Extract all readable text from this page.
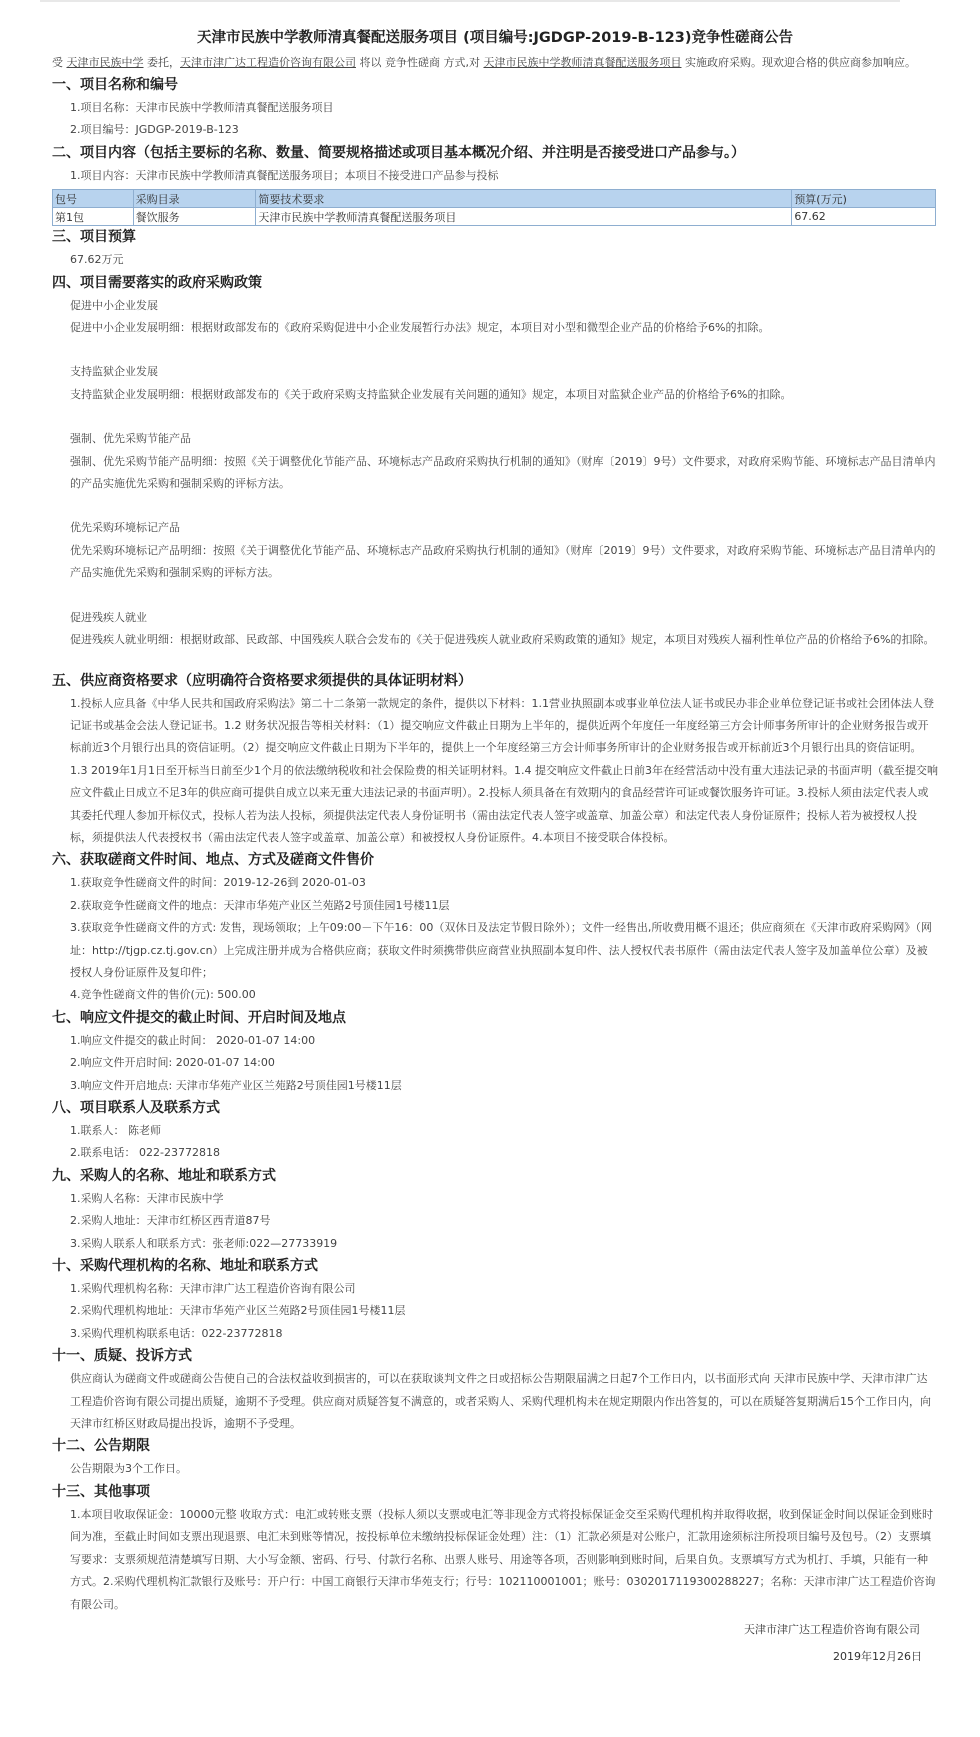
天津市民族中学教师清真餐配送服务项目 (项目编号:JGDGP-2019-B-123)竞争性磋商公告
受 天津市民族中学 委托，天津市津广达工程造价咨询有限公司 将以 竞争性磋商 方式,对 天津市民族中学教师清真餐配送服务项目 实施政府采购。现欢迎合格的供应商参加响应。
一、项目名称和编号
1.项目名称：天津市民族中学教师清真餐配送服务项目
2.项目编号：JGDGP-2019-B-123
二、项目内容（包括主要标的名称、数量、简要规格描述或项目基本概况介绍、并注明是否接受进口产品参与。）
1.项目内容：天津市民族中学教师清真餐配送服务项目；本项目不接受进口产品参与投标
包号	采购目录	简要技术要求	预算(万元)
第1包	餐饮服务	天津市民族中学教师清真餐配送服务项目	67.62
三、项目预算
67.62万元
四、项目需要落实的政府采购政策
促进中小企业发展
促进中小企业发展明细：根据财政部发布的《政府采购促进中小企业发展暂行办法》规定，本项目对小型和微型企业产品的价格给予6%的扣除。
支持监狱企业发展
支持监狱企业发展明细：根据财政部发布的《关于政府采购支持监狱企业发展有关问题的通知》规定，本项目对监狱企业产品的价格给予6%的扣除。
强制、优先采购节能产品
强制、优先采购节能产品明细：按照《关于调整优化节能产品、环境标志产品政府采购执行机制的通知》（财库〔2019〕9号）文件要求，对政府采购节能、环境标志产品目清单内的产品实施优先采购和强制采购的评标方法。
优先采购环境标记产品
优先采购环境标记产品明细：按照《关于调整优化节能产品、环境标志产品政府采购执行机制的通知》（财库〔2019〕9号）文件要求，对政府采购节能、环境标志产品目清单内的产品实施优先采购和强制采购的评标方法。
促进残疾人就业
促进残疾人就业明细：根据财政部、民政部、中国残疾人联合会发布的《关于促进残疾人就业政府采购政策的通知》规定，本项目对残疾人福利性单位产品的价格给予6%的扣除。
五、供应商资格要求（应明确符合资格要求须提供的具体证明材料）
1.投标人应具备《中华人民共和国政府采购法》第二十二条第一款规定的条件，提供以下材料：1.1营业执照副本或事业单位法人证书或民办非企业单位登记证书或社会团体法人登记证书或基金会法人登记证书。1.2 财务状况报告等相关材料：（1）提交响应文件截止日期为上半年的，提供近两个年度任一年度经第三方会计师事务所审计的企业财务报告或开标前近3个月银行出具的资信证明。（2）提交响应文件截止日期为下半年的，提供上一个年度经第三方会计师事务所审计的企业财务报告或开标前近3个月银行出具的资信证明。1.3 2019年1月1日至开标当日前至少1个月的依法缴纳税收和社会保险费的相关证明材料。1.4 提交响应文件截止日前3年在经营活动中没有重大违法记录的书面声明（截至提交响应文件截止日成立不足3年的供应商可提供自成立以来无重大违法记录的书面声明）。2.投标人须具备在有效期内的食品经营许可证或餐饮服务许可证。3.投标人须由法定代表人或其委托代理人参加开标仪式，投标人若为法人投标，须提供法定代表人身份证明书（需由法定代表人签字或盖章、加盖公章）和法定代表人身份证原件；投标人若为被授权人投标，须提供法人代表授权书（需由法定代表人签字或盖章、加盖公章）和被授权人身份证原件。4.本项目不接受联合体投标。
六、获取磋商文件时间、地点、方式及磋商文件售价
1.获取竞争性磋商文件的时间：2019-12-26到 2020-01-03
2.获取竞争性磋商文件的地点：天津市华苑产业区兰苑路2号顶佳园1号楼11层
3.获取竞争性磋商文件的方式: 发售，现场领取；上午09:00－下午16：00（双休日及法定节假日除外）；文件一经售出,所收费用概不退还；供应商须在《天津市政府采购网》（网址：http://tjgp.cz.tj.gov.cn）上完成注册并成为合格供应商；获取文件时须携带供应商营业执照副本复印件、法人授权代表书原件（需由法定代表人签字及加盖单位公章）及被授权人身份证原件及复印件；
4.竞争性磋商文件的售价(元): 500.00
七、响应文件提交的截止时间、开启时间及地点
1.响应文件提交的截止时间： 2020-01-07 14:00
2.响应文件开启时间: 2020-01-07 14:00
3.响应文件开启地点: 天津市华苑产业区兰苑路2号顶佳园1号楼11层
八、项目联系人及联系方式
1.联系人： 陈老师
2.联系电话： 022-23772818
九、采购人的名称、地址和联系方式
1.采购人名称：天津市民族中学
2.采购人地址：天津市红桥区西青道87号
3.采购人联系人和联系方式：张老师:022—27733919
十、采购代理机构的名称、地址和联系方式
1.采购代理机构名称：天津市津广达工程造价咨询有限公司
2.采购代理机构地址：天津市华苑产业区兰苑路2号顶佳园1号楼11层
3.采购代理机构联系电话：022-23772818
十一、质疑、投诉方式
供应商认为磋商文件或磋商公告使自己的合法权益收到损害的，可以在获取谈判文件之日或招标公告期限届满之日起7个工作日内，以书面形式向 天津市民族中学、天津市津广达工程造价咨询有限公司提出质疑，逾期不予受理。供应商对质疑答复不满意的，或者采购人、采购代理机构未在规定期限内作出答复的，可以在质疑答复期满后15个工作日内，向天津市红桥区财政局提出投诉，逾期不予受理。
十二、公告期限
公告期限为3个工作日。
十三、其他事项
1.本项目收取保证金：10000元整 收取方式：电汇或转账支票（投标人须以支票或电汇等非现金方式将投标保证金交至采购代理机构并取得收据，收到保证金时间以保证金到账时间为准，至截止时间如支票出现退票、电汇未到账等情况，按投标单位未缴纳投标保证金处理）注：（1）汇款必须是对公账户，汇款用途须标注所投项目编号及包号。（2）支票填写要求：支票须规范清楚填写日期、大小写金额、密码、行号、付款行名称、出票人账号、用途等各项，否则影响到账时间，后果自负。支票填写方式为机打、手填，只能有一种方式。2.采购代理机构汇款银行及账号：开户行：中国工商银行天津市华苑支行；行号：102110001001；账号：0302017119300288227；名称：天津市津广达工程造价咨询有限公司。
天津市津广达工程造价咨询有限公司
2019年12月26日
